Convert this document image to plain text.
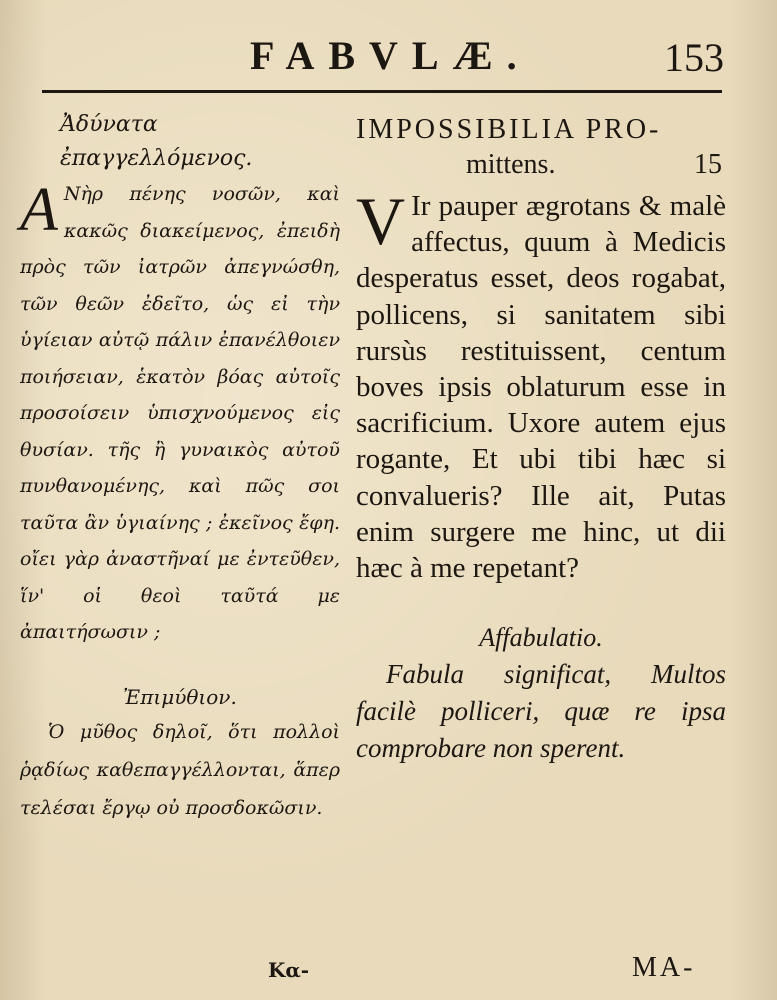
FABVLÆ.	153
Ἀδύνατα ἐπαγγελλόμενος.
Α Νὴρ πένης νοσῶν, καὶ κακῶς διακείμενος, ἐπειδὴ πρὸς τῶν ἰατρῶν ἀπεγνώσθη, τῶν θεῶν ἐδεῖτο, ὡς εἰ τὴν ὑγίειαν αὐτῷ πάλιν ἐπανέλθοιεν ποιήσειαν, ἑκατὸν βόας αὐτοῖς προσοίσειν ὑπισχνούμενος εἰς θυσίαν. τῆς ἢ γυναικὸς αὐτοῦ πυνθανομένης, καὶ πῶς σοι ταῦτα ἂν ὑγιαίνης ; ἐκεῖνος ἔφη. οἴει γὰρ ἀναστῆναί με ἐντεῦθεν, ἵν' οἱ θεοὶ ταῦτά με ἀπαιτήσωσιν ;
Ἐπιμύθιον.
Ὁ μῦθος δηλοῖ, ὅτι πολλοὶ ῥᾳδίως καθεπαγγέλλονται, ἅπερ τελέσαι ἔργῳ οὐ προσδοκῶσιν.
Κα-
IMPOSSIBILIA PRO-
mittens.	15
V Ir pauper ægrotans & malè affectus, quum à Medicis desperatus esset, deos rogabat, pollicens, si sanitatem sibi rursùs restituissent, centum boves ipsis oblaturum esse in sacrificium. Uxore autem ejus rogante, Et ubi tibi hæc si convalueris? Ille ait, Putas enim surgere me hinc, ut dii hæc à me repetant?
Affabulatio.
Fabula significat, Multos facilè polliceri, quæ re ipsa comprobare non sperent.
MA-
